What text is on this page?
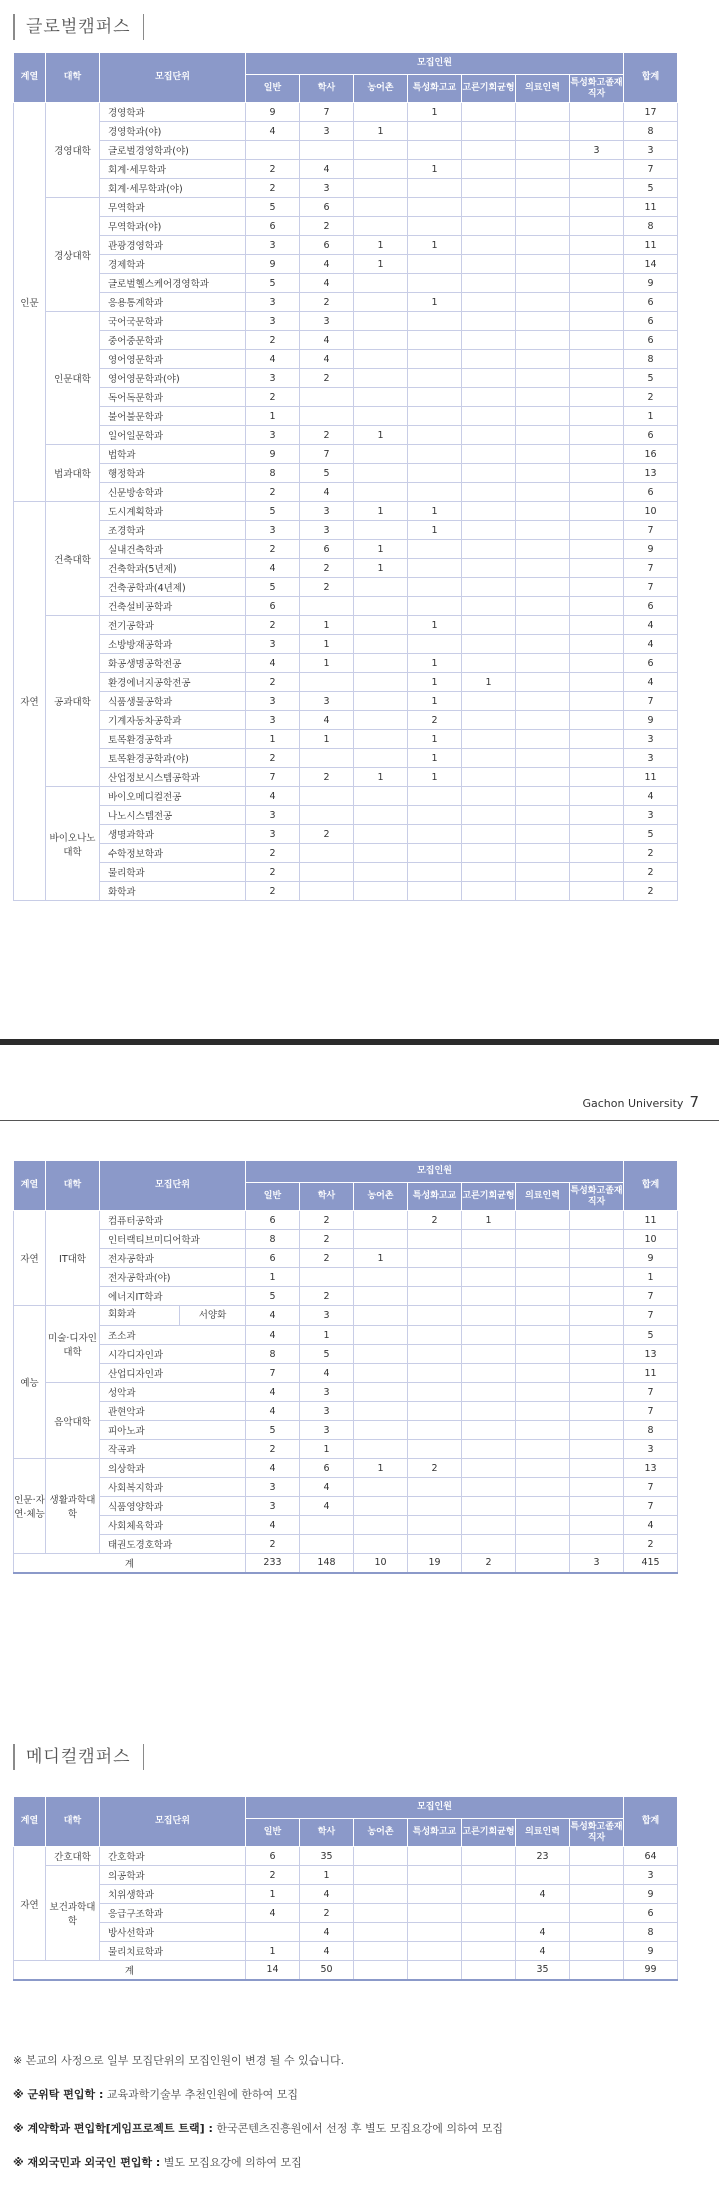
글로벌캠퍼스
계열	대학	모집단위	모집인원							합계
			일반	학사	농어촌	특성화고교	고른기회균형	의료인력	특성화고졸재직자	
인문	경영대학	경영학과	9	7		1				17
		경영학과(야)	4	3	1					8
		글로벌경영학과(야)							3	3
		회계·세무학과	2	4		1				7
		회계·세무학과(야)	2	3						5
	경상대학	무역학과	5	6						11
		무역학과(야)	6	2						8
		관광경영학과	3	6	1	1				11
		경제학과	9	4	1					14
		글로벌헬스케어경영학과	5	4						9
		응용통계학과	3	2		1				6
	인문대학	국어국문학과	3	3						6
		중어중문학과	2	4						6
		영어영문학과	4	4						8
		영어영문학과(야)	3	2						5
		독어독문학과	2							2
		불어불문학과	1							1
		일어일문학과	3	2	1					6
	법과대학	법학과	9	7						16
		행정학과	8	5						13
		신문방송학과	2	4						6
자연	건축대학	도시계획학과	5	3	1	1				10
		조경학과	3	3		1				7
		실내건축학과	2	6	1					9
		건축학과(5년제)	4	2	1					7
		건축공학과(4년제)	5	2						7
		건축설비공학과	6							6
	공과대학	전기공학과	2	1		1				4
		소방방재공학과	3	1						4
		화공생명공학전공	4	1		1				6
		환경에너지공학전공	2			1	1			4
		식품생물공학과	3	3		1				7
		기계자동차공학과	3	4		2				9
		토목환경공학과	1	1		1				3
		토목환경공학과(야)	2			1				3
		산업정보시스템공학과	7	2	1	1				11
	바이오나노대학	바이오메디컬전공	4							4
		나노시스템전공	3							3
		생명과학과	3	2						5
		수학정보학과	2							2
		물리학과	2							2
		화학과	2							2
Gachon University 7
계열	대학	모집단위	모집인원							합계
			일반	학사	농어촌	특성화고교	고른기회균형	의료인력	특성화고졸재직자	
자연	IT대학	컴퓨터공학과	6	2		2	1			11
		인터랙티브미디어학과	8	2						10
		전자공학과	6	2	1					9
		전자공학과(야)	1							1
		에너지IT학과	5	2						7
예능	미술·디자인대학	회화과 서양화	4	3						7
		조소과	4	1						5
		시각디자인과	8	5						13
		산업디자인과	7	4						11
	음악대학	성악과	4	3						7
		관현악과	4	3						7
		피아노과	5	3						8
		작곡과	2	1						3
인문·자연·체능	생활과학대학	의상학과	4	6	1	2				13
		사회복지학과	3	4						7
		식품영양학과	3	4						7
		사회체육학과	4							4
		태권도경호학과	2							2
계			233	148	10	19	2		3	415
메디컬캠퍼스
계열	대학	모집단위	모집인원							합계
			일반	학사	농어촌	특성화고교	고른기회균형	의료인력	특성화고졸재직자	
자연	간호대학	간호학과	6	35				23		64
	보건과학대학	의공학과	2	1						3
		치위생학과	1	4				4		9
		응급구조학과	4	2						6
		방사선학과		4				4		8
		물리치료학과	1	4				4		9
계			14	50				35		99
※ 본교의 사정으로 일부 모집단위의 모집인원이 변경 될 수 있습니다.
※ 군위탁 편입학 : 교육과학기술부 추천인원에 한하여 모집
※ 계약학과 편입학[게임프로젝트 트랙] : 한국콘텐츠진흥원에서 선정 후 별도 모집요강에 의하여 모집
※ 재외국민과 외국인 편입학 : 별도 모집요강에 의하여 모집
